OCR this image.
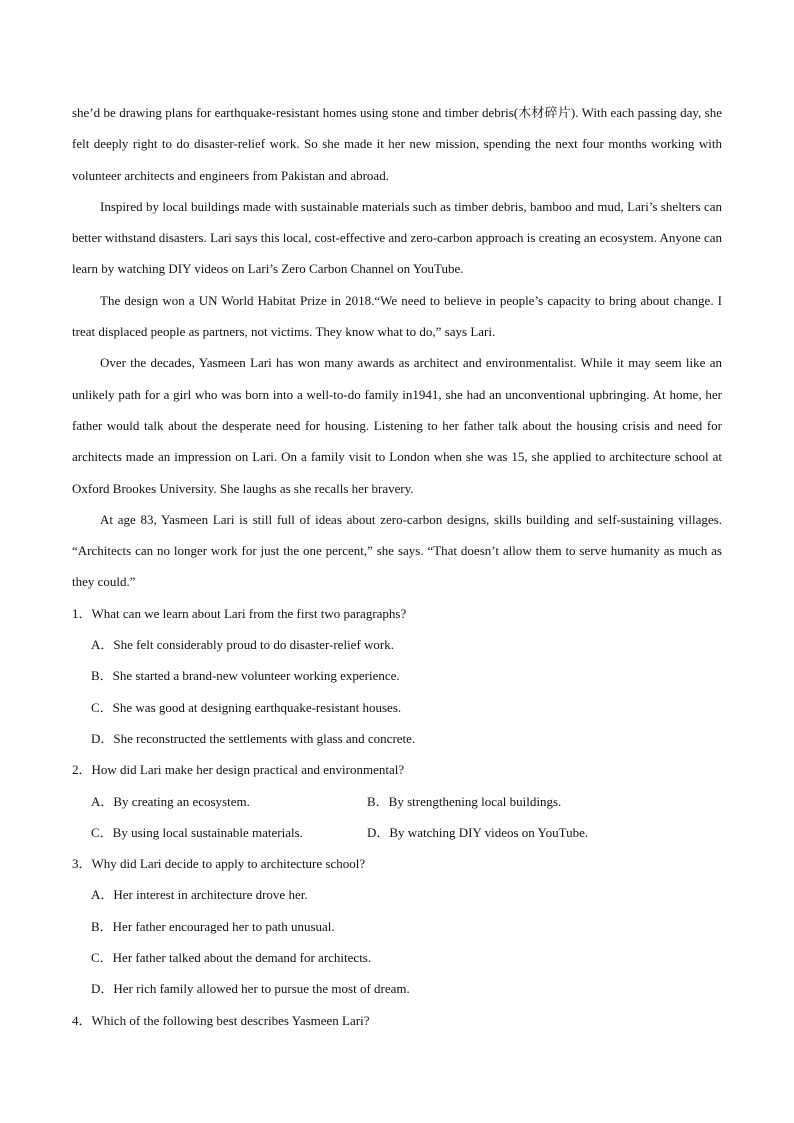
she’d be drawing plans for earthquake-resistant homes using stone and timber debris(木材碎片). With each passing day, she felt deeply right to do disaster-relief work. So she made it her new mission, spending the next four months working with volunteer architects and engineers from Pakistan and abroad.

Inspired by local buildings made with sustainable materials such as timber debris, bamboo and mud, Lari’s shelters can better withstand disasters. Lari says this local, cost-effective and zero-carbon approach is creating an ecosystem. Anyone can learn by watching DIY videos on Lari’s Zero Carbon Channel on YouTube.

The design won a UN World Habitat Prize in 2018.“We need to believe in people’s capacity to bring about change. I treat displaced people as partners, not victims. They know what to do,” says Lari.

Over the decades, Yasmeen Lari has won many awards as architect and environmentalist. While it may seem like an unlikely path for a girl who was born into a well-to-do family in1941, she had an unconventional upbringing. At home, her father would talk about the desperate need for housing. Listening to her father talk about the housing crisis and need for architects made an impression on Lari. On a family visit to London when she was 15, she applied to architecture school at Oxford Brookes University. She laughs as she recalls her bravery.

At age 83, Yasmeen Lari is still full of ideas about zero-carbon designs, skills building and self-sustaining villages. “Architects can no longer work for just the one percent,” she says. “That doesn’t allow them to serve humanity as much as they could.”

1．What can we learn about Lari from the first two paragraphs?

A．She felt considerably proud to do disaster-relief work.

B．She started a brand-new volunteer working experience.

C．She was good at designing earthquake-resistant houses.

D．She reconstructed the settlements with glass and concrete.

2．How did Lari make her design practical and environmental?

A．By creating an ecosystem.	B．By strengthening local buildings.
C．By using local sustainable materials.	D．By watching DIY videos on YouTube.

3．Why did Lari decide to apply to architecture school?

A．Her interest in architecture drove her.

B．Her father encouraged her to path unusual.

C．Her father talked about the demand for architects.

D．Her rich family allowed her to pursue the most of dream.

4．Which of the following best describes Yasmeen Lari?
